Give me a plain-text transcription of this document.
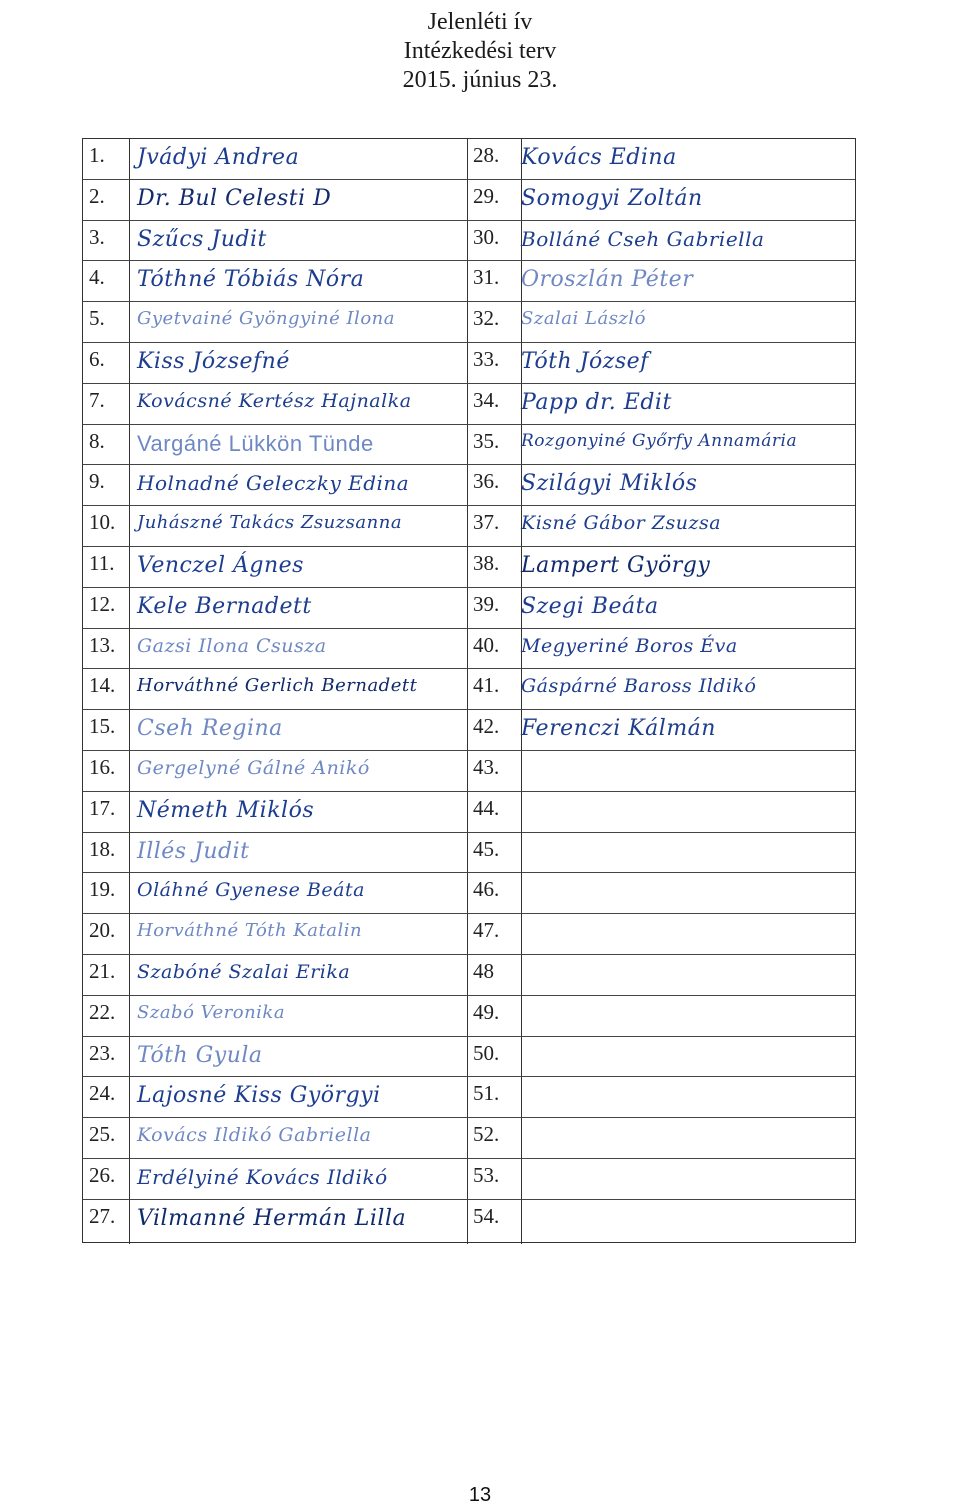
Jelenléti ív
Intézkedési terv
2015. június 23.
1. Jvádyi Andrea
2. Dr. Bul Celesti D
3. Szűcs Judit
4. Tóthné Tóbiás Nóra
5. Gyetvainé Gyöngyiné Ilona
6. Kiss Józsefné
7. Kovácsné Kertész Hajnalka
8. Vargáné Lükkön Tünde
9. Holnadné Geleczky Edina
10. Juhászné Takács Zsuzsanna
11. Venczel Ágnes
12. Kele Bernadett
13. Gazsi Ilona Csusza
14. Horváthné Gerlich Bernadett
15. Cseh Regina
16. Gergelyné Gálné Anikó
17. Németh Miklós
18. Illés Judit
19. Oláhné Gyenese Beáta
20. Horváthné Tóth Katalin
21. Szabóné Szalai Erika
22. Szabó Veronika
23. Tóth Gyula
24. Lajosné Kiss Györgyi
25. Kovács Ildikó Gabriella
26. Erdélyiné Kovács Ildikó
27. Vilmanné Hermán Lilla
28. Kovács Edina
29. Somogyi Zoltán
30. Bolláné Cseh Gabriella
31. Oroszlán Péter
32. Szalai László
33. Tóth József
34. Papp dr. Edit
35. Rozgonyiné Győrfy Annamária
36. Szilágyi Miklós
37. Kisné Gábor Zsuzsa
38. Lampert György
39. Szegi Beáta
40. Megyeriné Boros Éva
41. Gáspárné Baross Ildikó
42. Ferenczi Kálmán
43.
44.
45.
46.
47.
48
49.
50.
51.
52.
53.
54.
13
